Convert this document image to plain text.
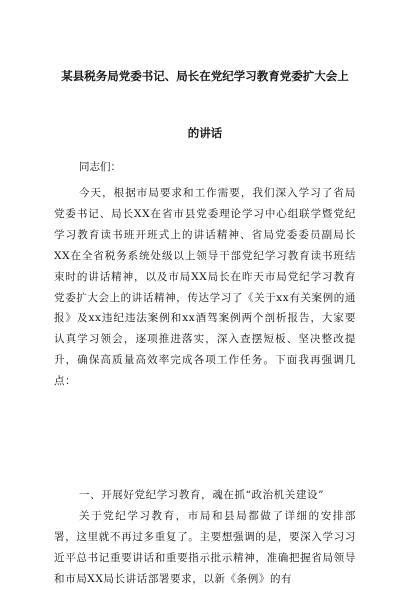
某县税务局党委书记、局长在党纪学习教育党委扩大会上
的讲话

同志们：

今天，根据市局要求和工作需要，我们深入学习了省局党委书记、局长XX在省市县党委理论学习中心组联学暨党纪学习教育读书班开班式上的讲话精神、省局党委委员副局长XX在全省税务系统处级以上领导干部党纪学习教育读书班结束时的讲话精神，以及市局XX局长在昨天市局党纪学习教育党委扩大会上的讲话精神，传达学习了《关于xx有关案例的通报》及xx违纪违法案例和xx酒驾案例两个剖析报告，大家要认真学习领会，逐项推进落实，深入查摆短板、坚决整改提升，确保高质量高效率完成各项工作任务。下面我再强调几点：

一、开展好党纪学习教育，魂在抓“政治机关建设”

关于党纪学习教育，市局和县局都做了详细的安排部署，这里就不再过多重复了。主要想强调的是，要深入学习习近平总书记重要讲话和重要指示批示精神，准确把握省局领导和市局XX局长讲话部署要求，以新《条例》的有
